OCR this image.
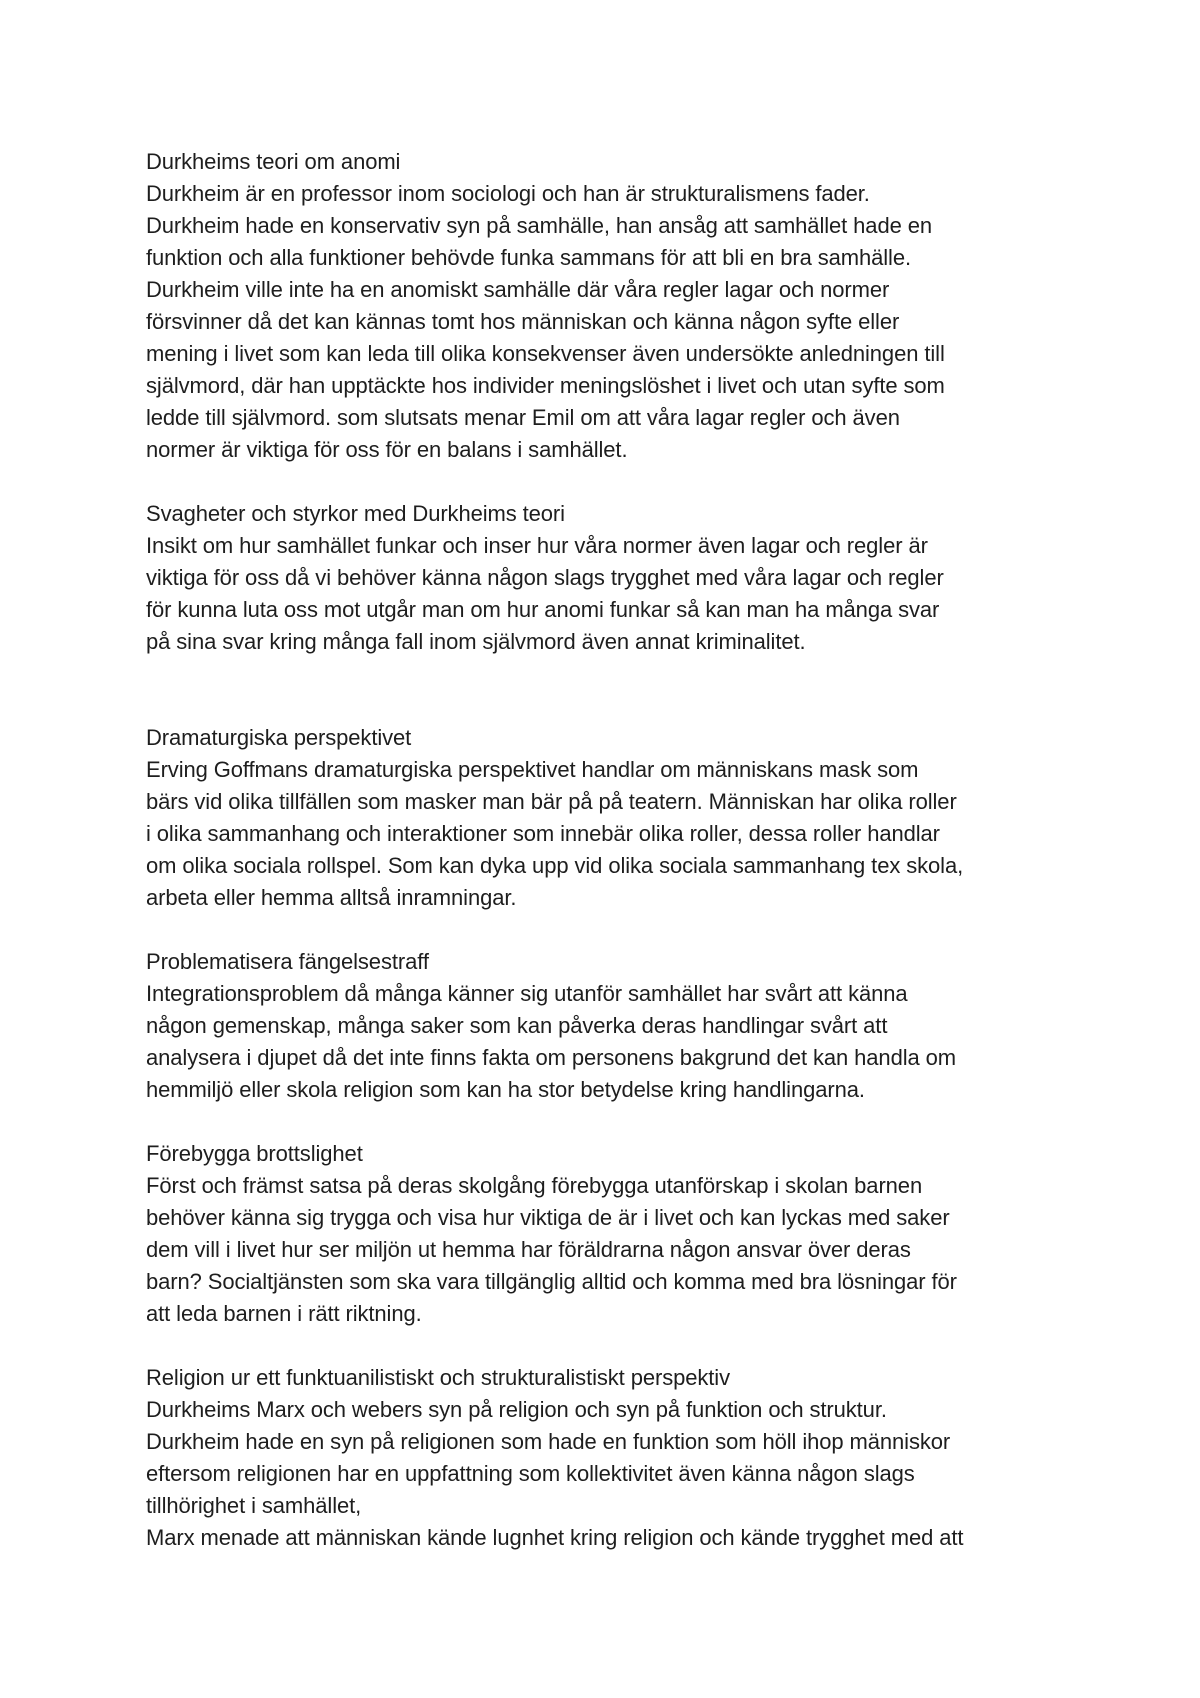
Durkheims teori om anomi
Durkheim är en professor inom sociologi och han är strukturalismens fader.
Durkheim hade en konservativ syn på samhälle, han ansåg att samhället hade en
funktion och alla funktioner behövde funka sammans för att bli en bra samhälle.
Durkheim ville inte ha en anomiskt samhälle där våra regler lagar och normer
försvinner då det kan kännas tomt hos människan och känna någon syfte eller
mening i livet som kan leda till olika konsekvenser även undersökte anledningen till
självmord, där han upptäckte hos individer meningslöshet i livet och utan syfte som
ledde till självmord. som slutsats menar Emil om att våra lagar regler och även
normer är viktiga för oss för en balans i samhället.
Svagheter och styrkor med Durkheims teori
Insikt om hur samhället funkar och inser hur våra normer även lagar och regler är
viktiga för oss då vi behöver känna någon slags trygghet med våra lagar och regler
för kunna luta oss mot utgår man om hur anomi funkar så kan man ha många svar
på sina svar kring många fall inom självmord även annat kriminalitet.
Dramaturgiska perspektivet
Erving Goffmans dramaturgiska perspektivet handlar om människans mask som
bärs vid olika tillfällen som masker man bär på på teatern. Människan har olika roller
i olika sammanhang och interaktioner som innebär olika roller, dessa roller handlar
om olika sociala rollspel. Som kan dyka upp vid olika sociala sammanhang tex skola,
arbeta eller hemma alltså inramningar.
Problematisera fängelsestraff
Integrationsproblem då många känner sig utanför samhället har svårt att känna
någon gemenskap, många saker som kan påverka deras handlingar svårt att
analysera i djupet då det inte finns fakta om personens bakgrund det kan handla om
hemmiljö eller skola religion som kan ha stor betydelse kring handlingarna.
Förebygga brottslighet
Först och främst satsa på deras skolgång förebygga utanförskap i skolan barnen
behöver känna sig trygga och visa hur viktiga de är i livet och kan lyckas med saker
dem vill i livet hur ser miljön ut hemma har föräldrarna någon ansvar över deras
barn? Socialtjänsten som ska vara tillgänglig alltid och komma med bra lösningar för
att leda barnen i rätt riktning.
Religion ur ett funktuanilistiskt och strukturalistiskt perspektiv
Durkheims Marx och webers syn på religion och syn på funktion och struktur.
Durkheim hade en syn på religionen som hade en funktion som höll ihop människor
eftersom religionen har en uppfattning som kollektivitet även känna någon slags
tillhörighet i samhället,
Marx menade att människan kände lugnhet kring religion och kände trygghet med att
